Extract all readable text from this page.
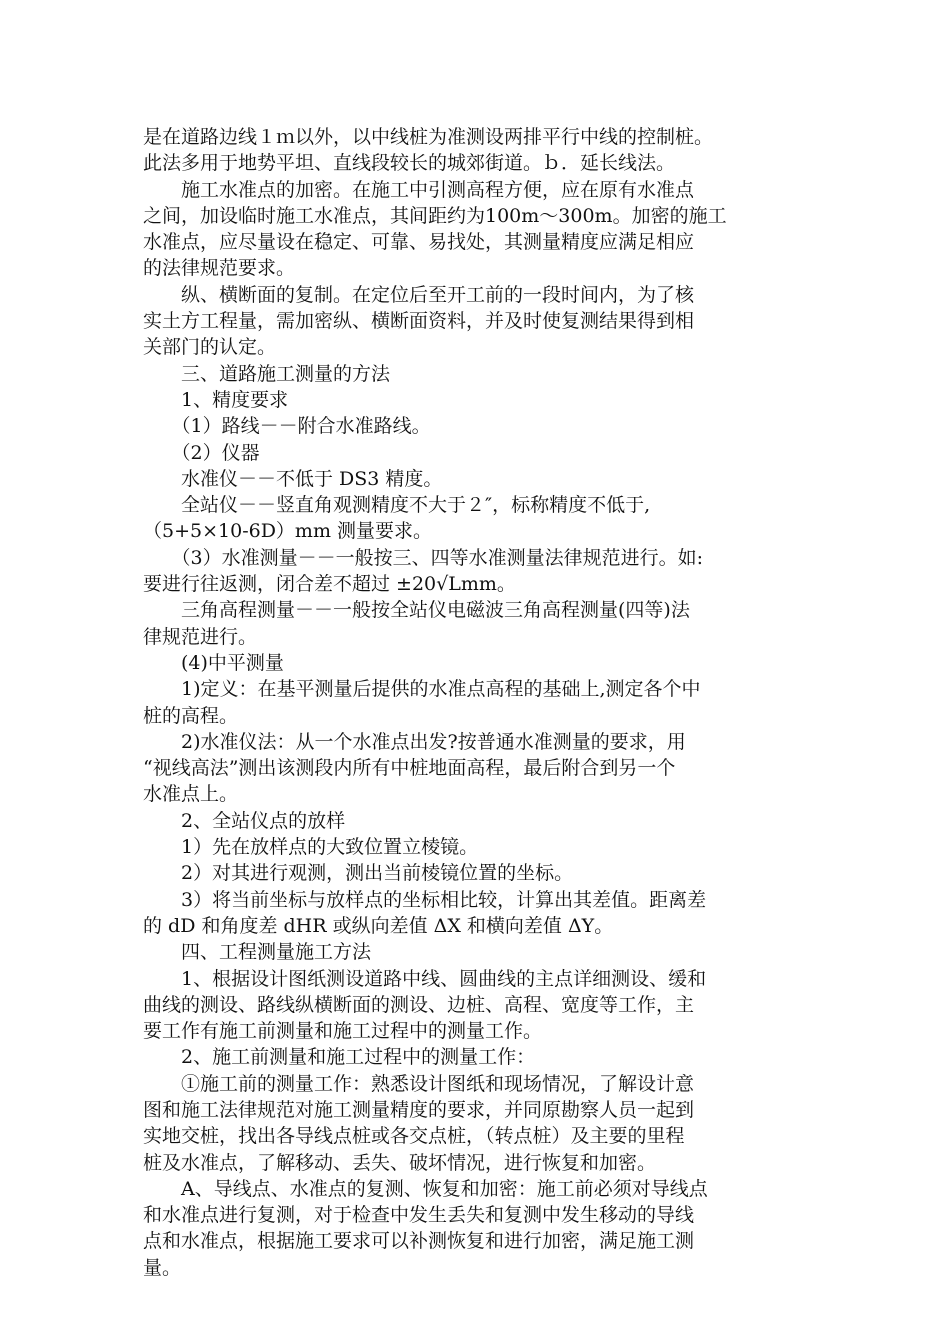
是在道路边线１ｍ以外，以中线桩为准测设两排平行中线的控制桩。
此法多用于地势平坦、直线段较长的城郊街道。ｂ．延长线法。
　　施工水准点的加密。在施工中引测高程方便，应在原有水准点
之间，加设临时施工水准点，其间距约为100m～300m。加密的施工
水准点，应尽量设在稳定、可靠、易找处，其测量精度应满足相应
的法律规范要求。
　　纵、横断面的复制。在定位后至开工前的一段时间内，为了核
实土方工程量，需加密纵、横断面资料，并及时使复测结果得到相
关部门的认定。
　　三、道路施工测量的方法
　　1、精度要求
　　（1）路线－－附合水准路线。
　　（2）仪器
　　水准仪－－不低于 DS3 精度。
　　全站仪－－竖直角观测精度不大于２″，标称精度不低于,
（5+5×10-6D）mm 测量要求。
　　（3）水准测量－－一般按三、四等水准测量法律规范进行。如:
要进行往返测，闭合差不超过 ±20√Lmm。
　　三角高程测量－－一般按全站仪电磁波三角高程测量(四等)法
律规范进行。
　　(4)中平测量
　　1)定义：在基平测量后提供的水准点高程的基础上,测定各个中
桩的高程。
　　2)水准仪法：从一个水准点出发?按普通水准测量的要求，用
“视线高法”测出该测段内所有中桩地面高程，最后附合到另一个
水准点上。
　　2、全站仪点的放样
　　1）先在放样点的大致位置立棱镜。
　　2）对其进行观测，测出当前棱镜位置的坐标。
　　3）将当前坐标与放样点的坐标相比较，计算出其差值。距离差
的 dD 和角度差 dHR 或纵向差值 ΔX 和横向差值 ΔY。
　　四、工程测量施工方法
　　1、根据设计图纸测设道路中线、圆曲线的主点详细测设、缓和
曲线的测设、路线纵横断面的测设、边桩、高程、宽度等工作，主
要工作有施工前测量和施工过程中的测量工作。
　　2、施工前测量和施工过程中的测量工作：
　　①施工前的测量工作：熟悉设计图纸和现场情况，了解设计意
图和施工法律规范对施工测量精度的要求，并同原勘察人员一起到
实地交桩，找出各导线点桩或各交点桩，（转点桩）及主要的里程
桩及水准点，了解移动、丢失、破坏情况，进行恢复和加密。
　　A、导线点、水准点的复测、恢复和加密：施工前必须对导线点
和水准点进行复测，对于检查中发生丢失和复测中发生移动的导线
点和水准点，根据施工要求可以补测恢复和进行加密，满足施工测
量。
